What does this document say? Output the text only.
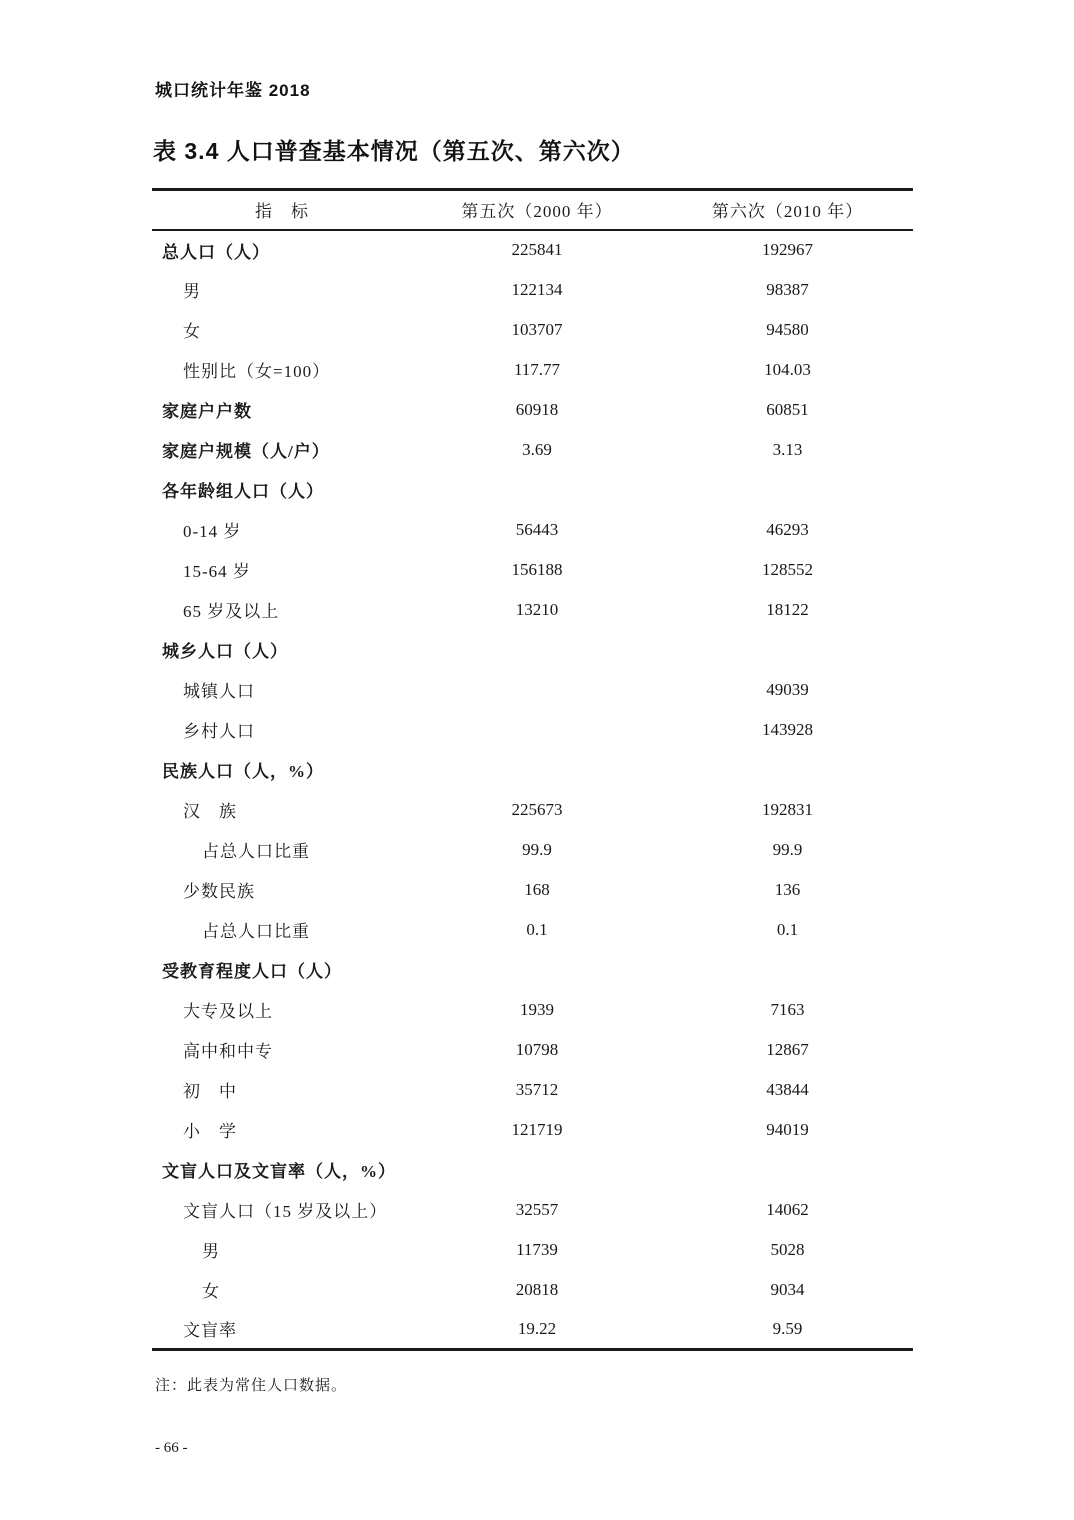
城口统计年鉴 2018
表 3.4 人口普查基本情况（第五次、第六次）
指　标	第五次（2000 年）	第六次（2010 年）
总人口（人）	225841	192967
男	122134	98387
女	103707	94580
性别比（女=100）	117.77	104.03
家庭户户数	60918	60851
家庭户规模（人/户）	3.69	3.13
各年龄组人口（人）		
0-14 岁	56443	46293
15-64 岁	156188	128552
65 岁及以上	13210	18122
城乡人口（人）		
城镇人口		49039
乡村人口		143928
民族人口（人，%）		
汉　族	225673	192831
占总人口比重	99.9	99.9
少数民族	168	136
占总人口比重	0.1	0.1
受教育程度人口（人）		
大专及以上	1939	7163
高中和中专	10798	12867
初　中	35712	43844
小　学	121719	94019
文盲人口及文盲率（人，%）		
文盲人口（15 岁及以上）	32557	14062
男	11739	5028
女	20818	9034
文盲率	19.22	9.59
注：此表为常住人口数据。
- 66 -
